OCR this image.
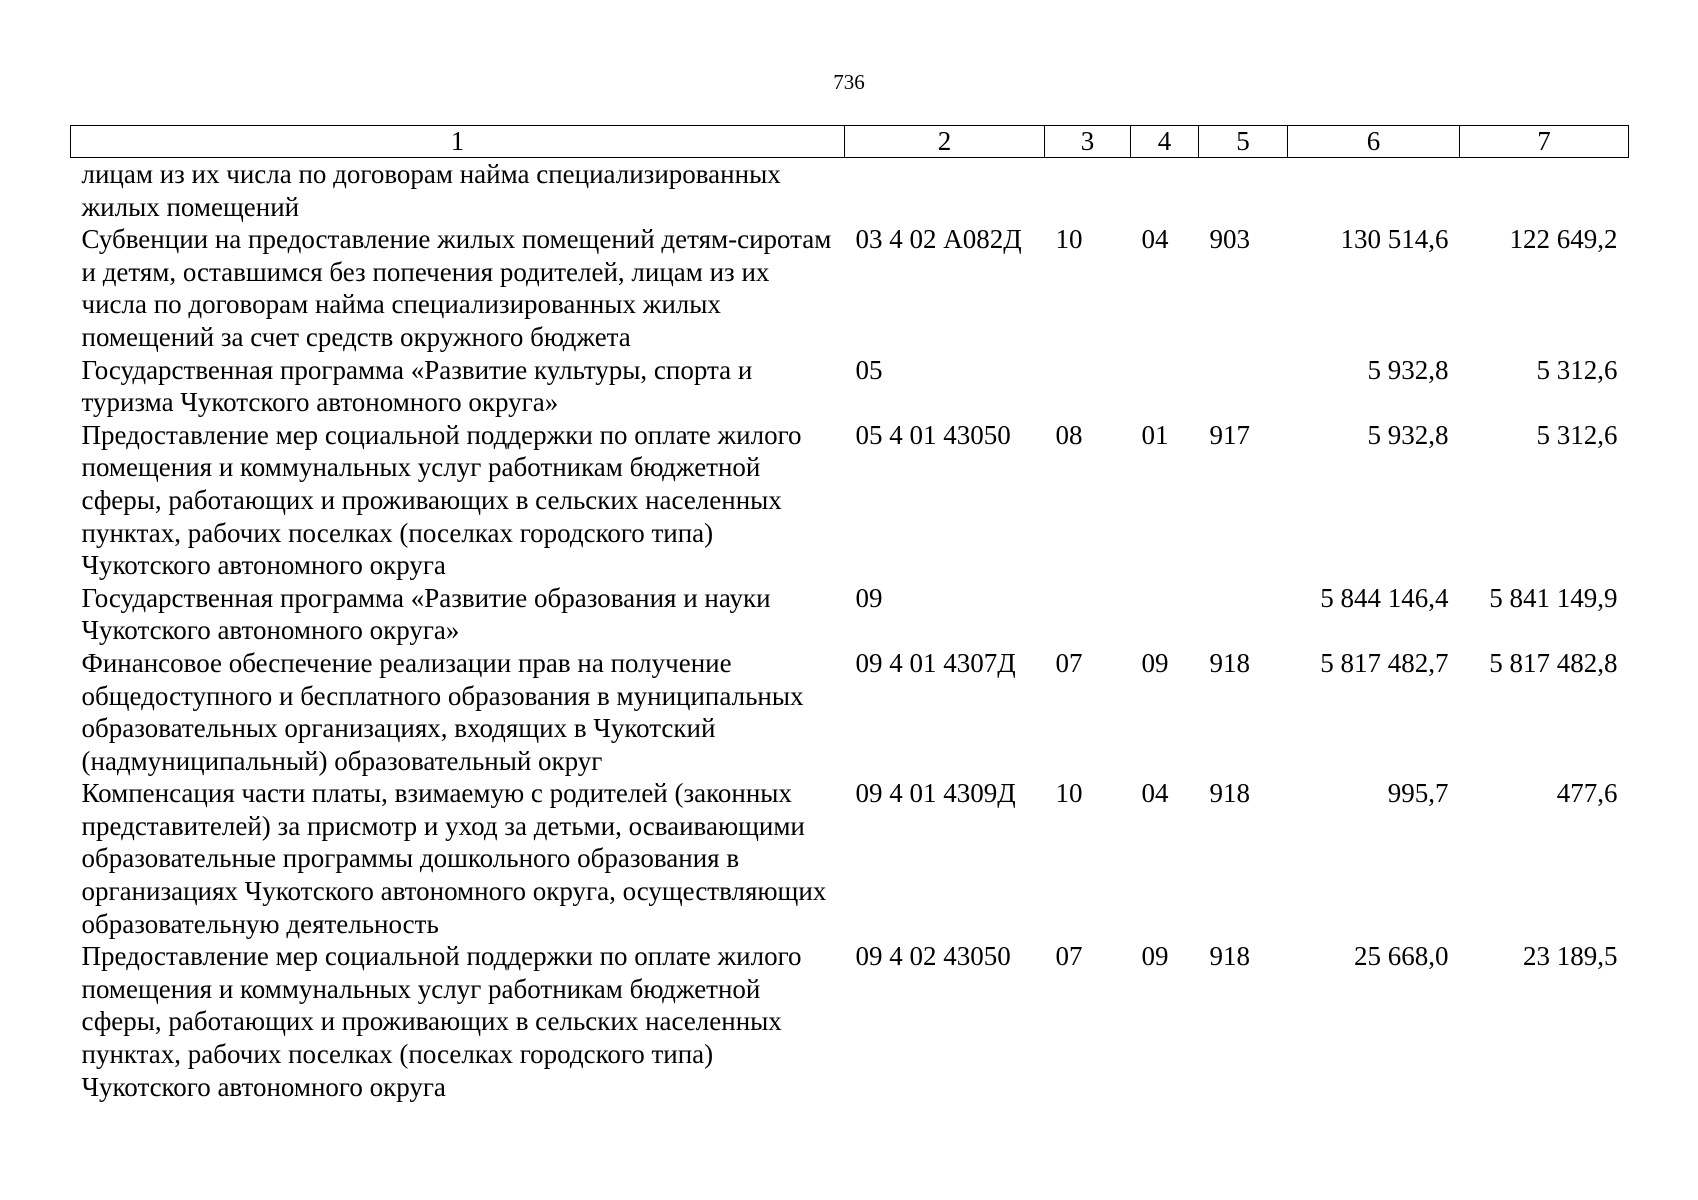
736
1	2	3	4	5	6	7
лицам из их числа по договорам найма специализированных жилых помещений						
Субвенции на предоставление жилых помещений детям-сиротам и детям, оставшимся без попечения родителей, лицам из их числа по договорам найма специализированных жилых помещений за счет средств окружного бюджета	03 4 02 А082Д	10	04	903	130 514,6	122 649,2
Государственная программа «Развитие культуры, спорта и туризма Чукотского автономного округа»	05				5 932,8	5 312,6
Предоставление мер социальной поддержки по оплате жилого помещения и коммунальных услуг работникам бюджетной сферы, работающих и проживающих в сельских населенных пунктах, рабочих поселках (поселках городского типа) Чукотского автономного округа	05 4 01 43050	08	01	917	5 932,8	5 312,6
Государственная программа «Развитие образования и науки Чукотского автономного округа»	09				5 844 146,4	5 841 149,9
Финансовое обеспечение реализации прав на получение общедоступного и бесплатного образования в муниципальных образовательных организациях, входящих в Чукотский (надмуниципальный) образовательный округ	09 4 01 4307Д	07	09	918	5 817 482,7	5 817 482,8
Компенсация части платы, взимаемую с родителей (законных представителей) за присмотр и уход за детьми, осваивающими образовательные программы дошкольного образования в организациях Чукотского автономного округа, осуществляющих образовательную деятельность	09 4 01 4309Д	10	04	918	995,7	477,6
Предоставление мер социальной поддержки по оплате жилого помещения и коммунальных услуг работникам бюджетной сферы, работающих и проживающих в сельских населенных пунктах, рабочих поселках (поселках городского типа) Чукотского автономного округа	09 4 02 43050	07	09	918	25 668,0	23 189,5
